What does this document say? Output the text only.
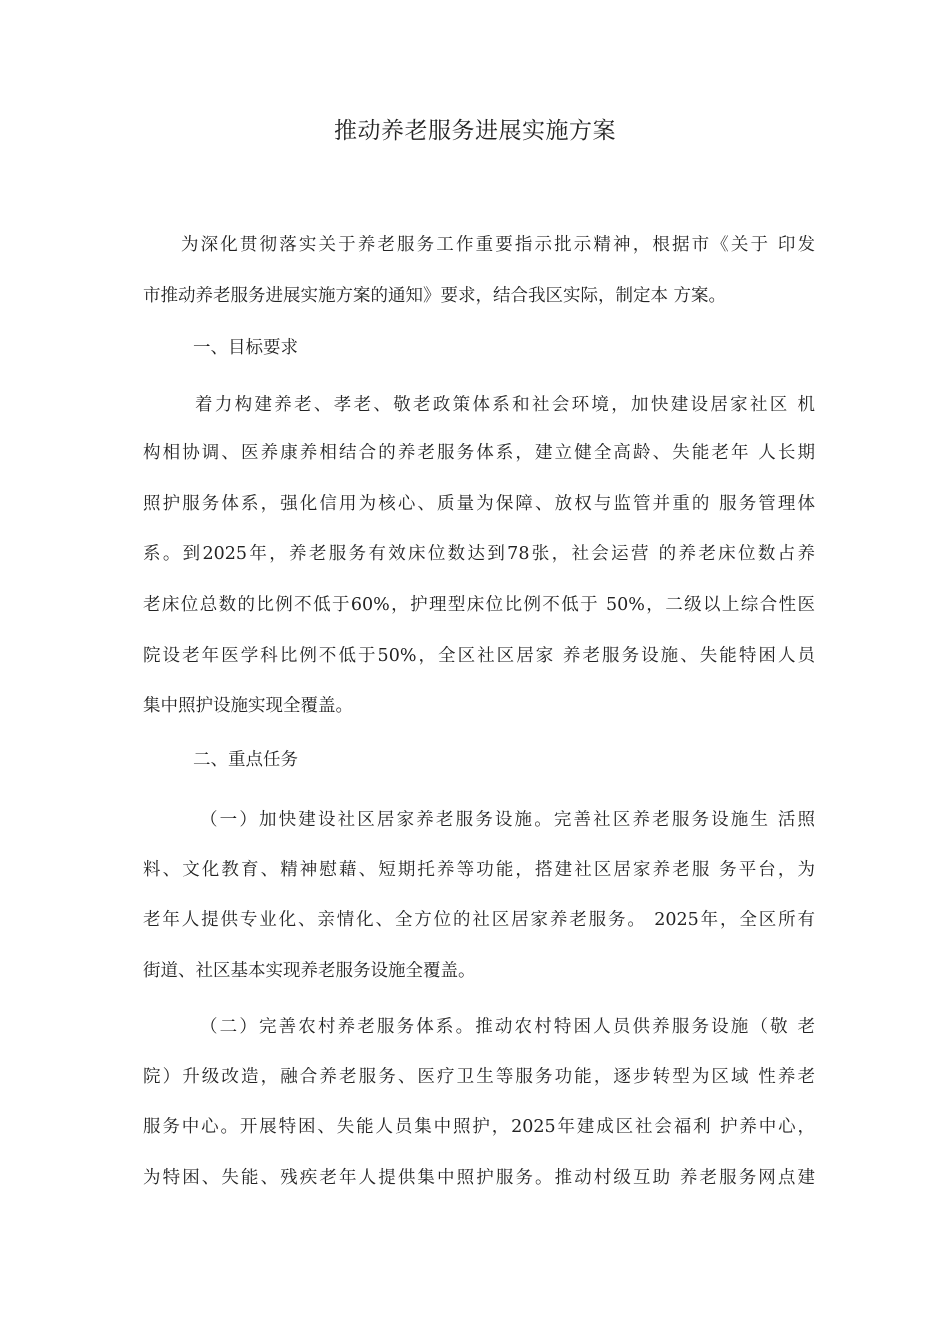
推动养老服务进展实施方案
为深化贯彻落实关于养老服务工作重要指示批示精神，根据市《关于 印发
市推动养老服务进展实施方案的通知》要求，结合我区实际，制定本 方案。
一、目标要求
着力构建养老、孝老、敬老政策体系和社会环境，加快建设居家社区 机
构相协调、医养康养相结合的养老服务体系，建立健全高龄、失能老年 人长期
照护服务体系，强化信用为核心、质量为保障、放权与监管并重的 服务管理体
系。到2025年，养老服务有效床位数达到78张，社会运营 的养老床位数占养
老床位总数的比例不低于60%，护理型床位比例不低于 50%，二级以上综合性医
院设老年医学科比例不低于50%，全区社区居家 养老服务设施、失能特困人员
集中照护设施实现全覆盖。
二、重点任务
（一）加快建设社区居家养老服务设施。完善社区养老服务设施生 活照
料、文化教育、精神慰藉、短期托养等功能，搭建社区居家养老服 务平台，为
老年人提供专业化、亲情化、全方位的社区居家养老服务。 2025年，全区所有
街道、社区基本实现养老服务设施全覆盖。
（二）完善农村养老服务体系。推动农村特困人员供养服务设施（敬 老
院）升级改造，融合养老服务、医疗卫生等服务功能，逐步转型为区域 性养老
服务中心。开展特困、失能人员集中照护，2025年建成区社会福利 护养中心，
为特困、失能、残疾老年人提供集中照护服务。推动村级互助 养老服务网点建
